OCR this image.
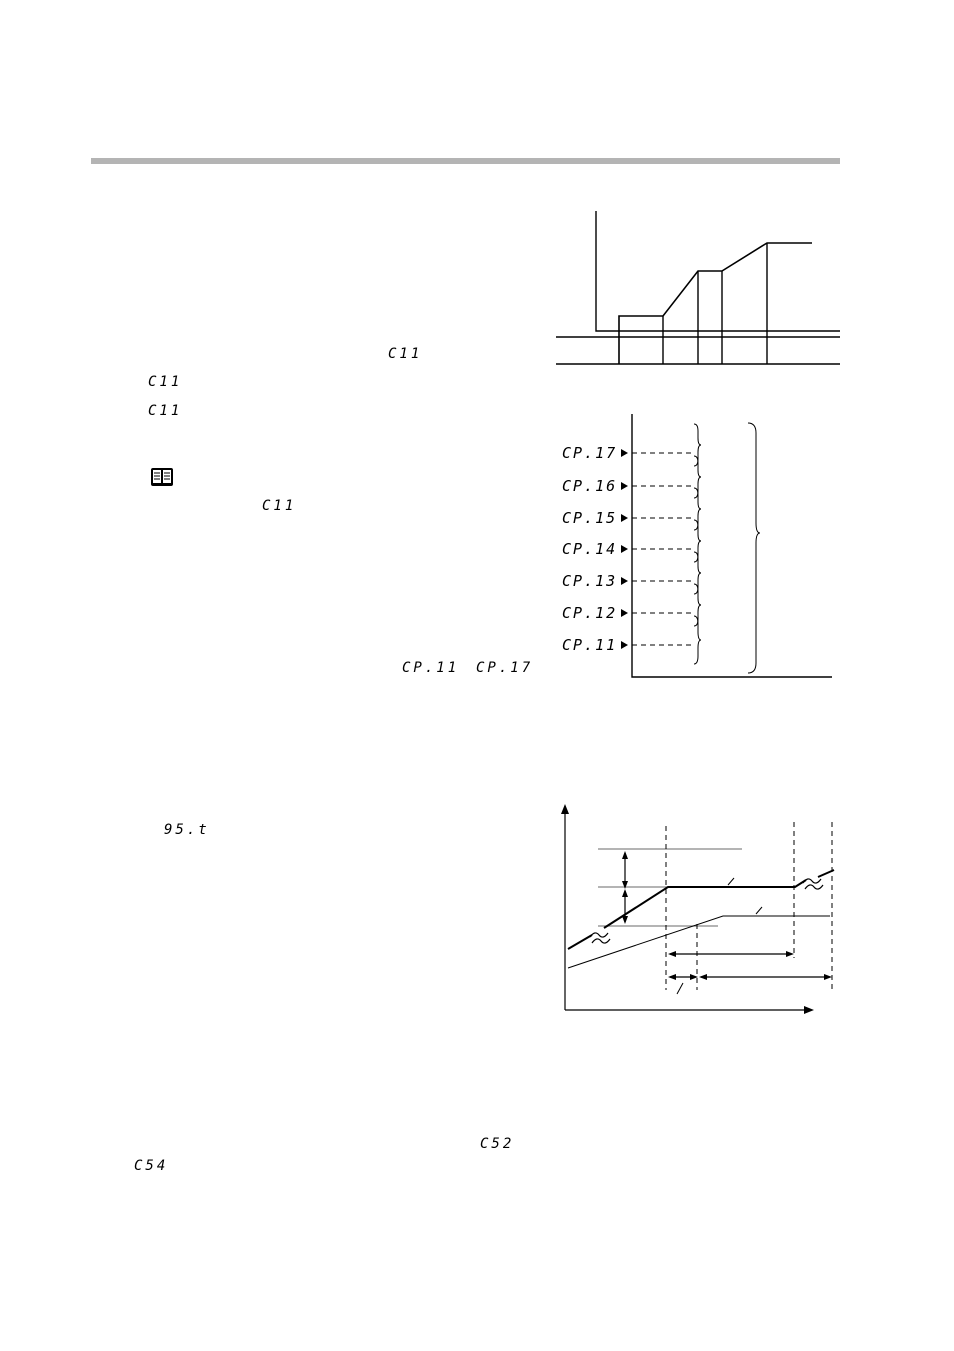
C11
C11
C11
C11
CP.11 CP.17
95.t
C52
C54
CP.17
CP.16
CP.15
CP.14
CP.13
CP.12
CP.11
